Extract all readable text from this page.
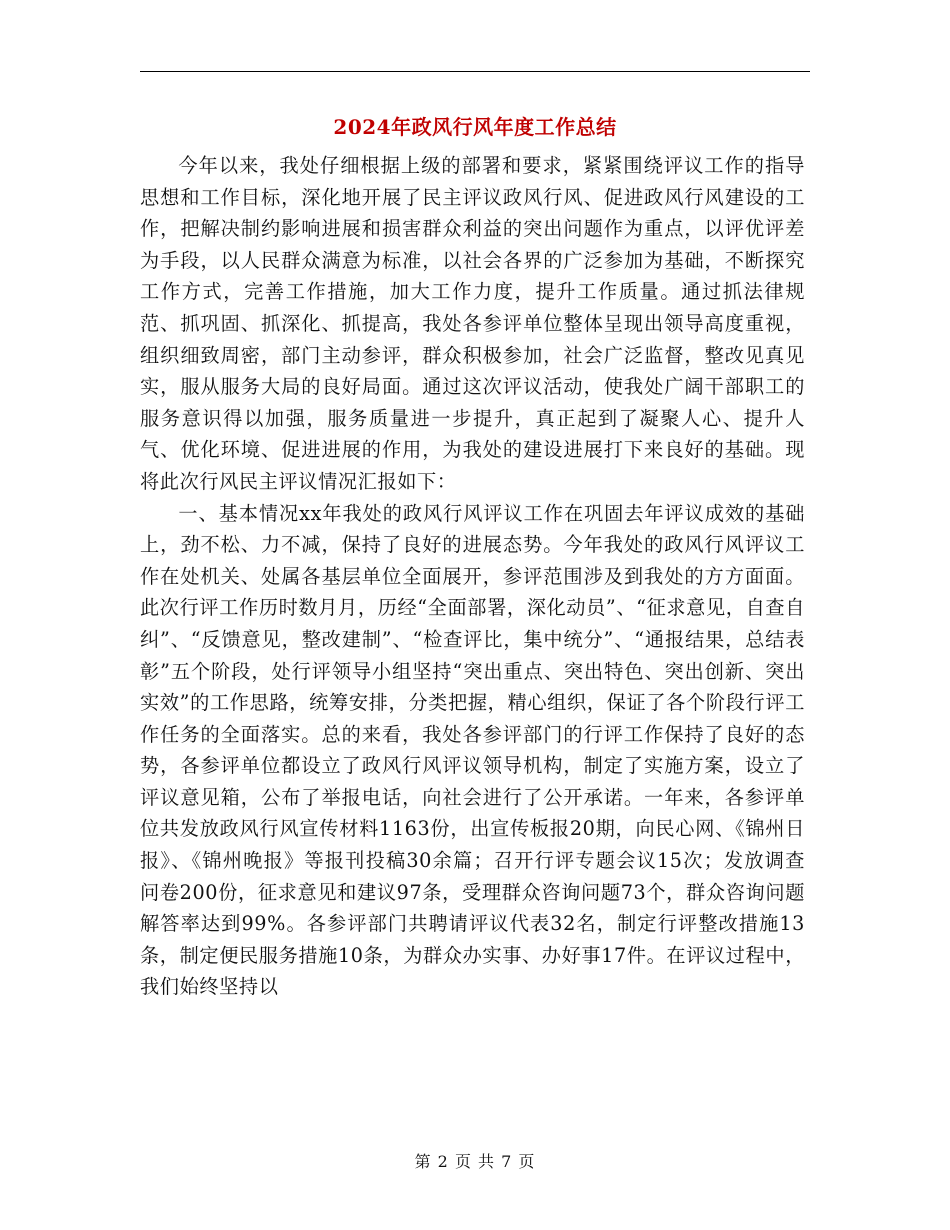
2024年政风行风年度工作总结

今年以来，我处仔细根据上级的部署和要求，紧紧围绕评议工作的指导思想和工作目标，深化地开展了民主评议政风行风、促进政风行风建设的工作，把解决制约影响进展和损害群众利益的突出问题作为重点，以评优评差为手段，以人民群众满意为标准，以社会各界的广泛参加为基础，不断探究工作方式，完善工作措施，加大工作力度，提升工作质量。通过抓法律规范、抓巩固、抓深化、抓提高，我处各参评单位整体呈现出领导高度重视，组织细致周密，部门主动参评，群众积极参加，社会广泛监督，整改见真见实，服从服务大局的良好局面。通过这次评议活动，使我处广阔干部职工的服务意识得以加强，服务质量进一步提升，真正起到了凝聚人心、提升人气、优化环境、促进进展的作用，为我处的建设进展打下来良好的基础。现将此次行风民主评议情况汇报如下：

一、基本情况xx年我处的政风行风评议工作在巩固去年评议成效的基础上，劲不松、力不减，保持了良好的进展态势。今年我处的政风行风评议工作在处机关、处属各基层单位全面展开，参评范围涉及到我处的方方面面。此次行评工作历时数月月，历经“全面部署，深化动员”、“征求意见，自查自纠”、“反馈意见，整改建制”、“检查评比，集中统分”、“通报结果，总结表彰”五个阶段，处行评领导小组坚持“突出重点、突出特色、突出创新、突出实效”的工作思路，统筹安排，分类把握，精心组织，保证了各个阶段行评工作任务的全面落实。总的来看，我处各参评部门的行评工作保持了良好的态势，各参评单位都设立了政风行风评议领导机构，制定了实施方案，设立了评议意见箱，公布了举报电话，向社会进行了公开承诺。一年来，各参评单位共发放政风行风宣传材料1163份，出宣传板报20期，向民心网、《锦州日报》、《锦州晚报》等报刊投稿30余篇；召开行评专题会议15次；发放调查问卷200份，征求意见和建议97条，受理群众咨询问题73个，群众咨询问题解答率达到99%。各参评部门共聘请评议代表32名，制定行评整改措施13条，制定便民服务措施10条，为群众办实事、办好事17件。在评议过程中，我们始终坚持以

第 2 页 共 7 页
